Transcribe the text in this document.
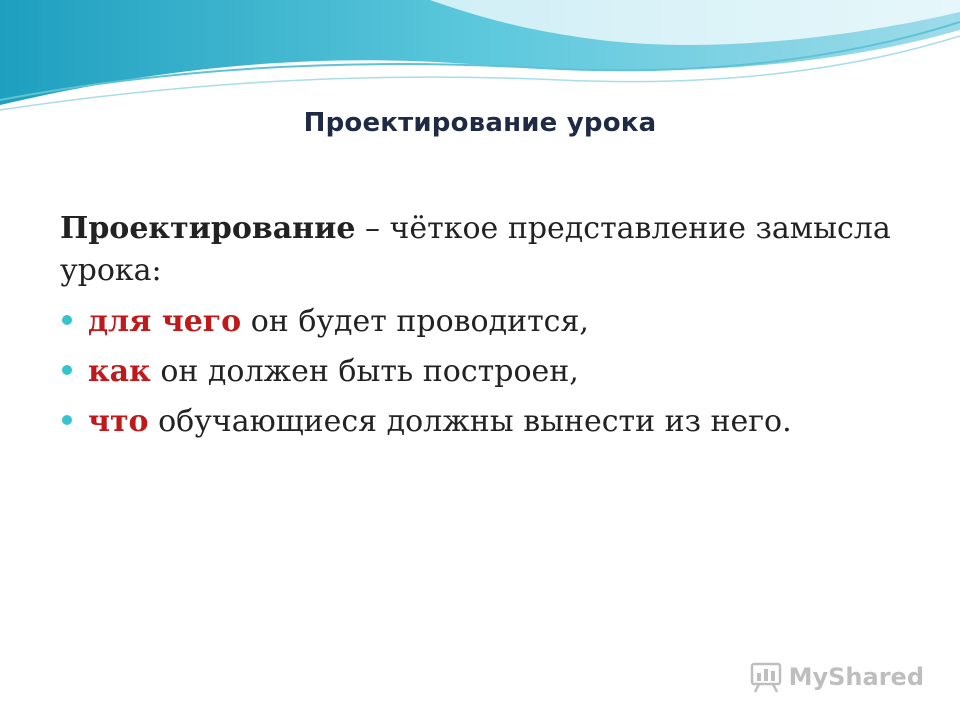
Проектирование урока
Проектирование – чёткое представление замысла урока:
для чего он будет проводится,
как он должен быть построен,
что обучающиеся должны вынести из него.
MyShared
